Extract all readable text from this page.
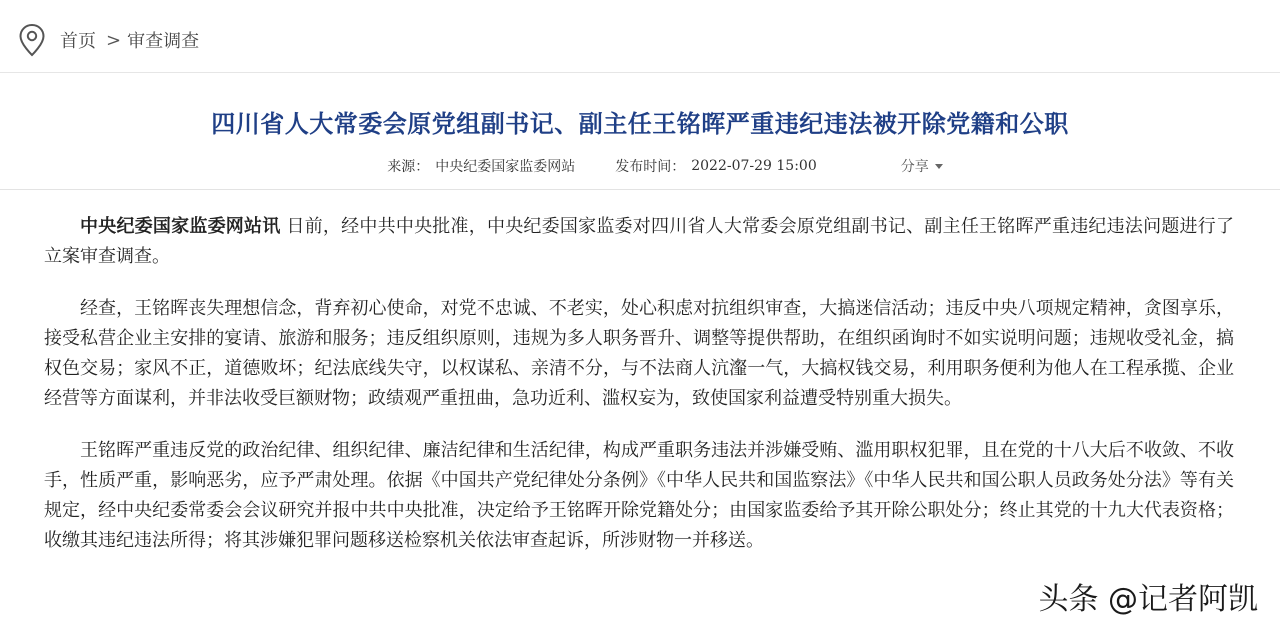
首页 > 审查调查
四川省人大常委会原党组副书记、副主任王铭晖严重违纪违法被开除党籍和公职
来源： 中央纪委国家监委网站	发布时间： 2022-07-29 15:00	分享

中央纪委国家监委网站讯 日前，经中共中央批准，中央纪委国家监委对四川省人大常委会原党组副书记、副主任王铭晖严重违纪违法问题进行了立案审查调查。

经查，王铭晖丧失理想信念，背弃初心使命，对党不忠诚、不老实，处心积虑对抗组织审查，大搞迷信活动；违反中央八项规定精神，贪图享乐，接受私营企业主安排的宴请、旅游和服务；违反组织原则，违规为多人职务晋升、调整等提供帮助，在组织函询时不如实说明问题；违规收受礼金，搞权色交易；家风不正，道德败坏；纪法底线失守，以权谋私、亲清不分，与不法商人沆瀣一气，大搞权钱交易，利用职务便利为他人在工程承揽、企业经营等方面谋利，并非法收受巨额财物；政绩观严重扭曲，急功近利、滥权妄为，致使国家利益遭受特别重大损失。

王铭晖严重违反党的政治纪律、组织纪律、廉洁纪律和生活纪律，构成严重职务违法并涉嫌受贿、滥用职权犯罪，且在党的十八大后不收敛、不收手，性质严重，影响恶劣，应予严肃处理。依据《中国共产党纪律处分条例》《中华人民共和国监察法》《中华人民共和国公职人员政务处分法》等有关规定，经中央纪委常委会会议研究并报中共中央批准，决定给予王铭晖开除党籍处分；由国家监委给予其开除公职处分；终止其党的十九大代表资格；收缴其违纪违法所得；将其涉嫌犯罪问题移送检察机关依法审查起诉，所涉财物一并移送。

头条 @记者阿凯
